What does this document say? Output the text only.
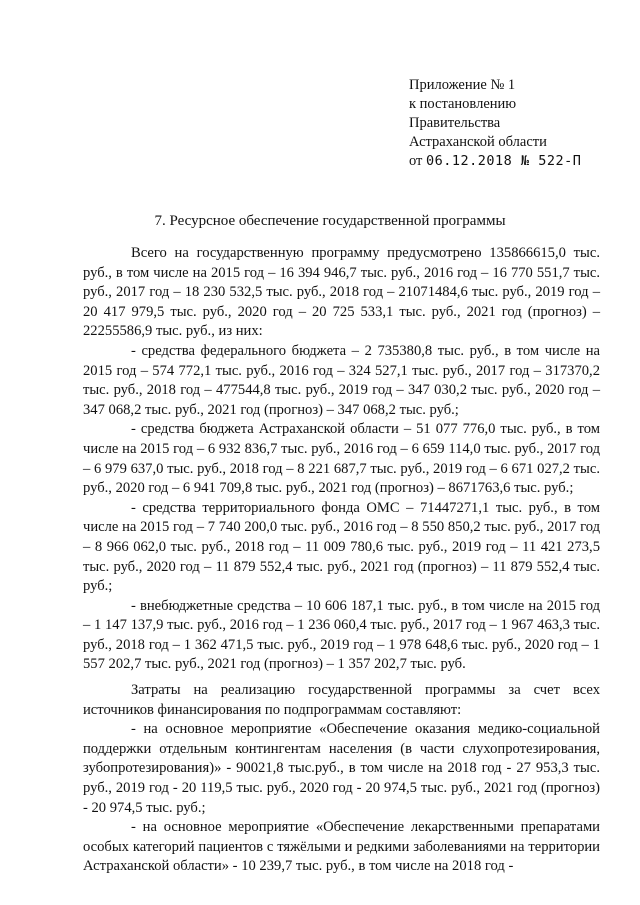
Приложение № 1
к постановлению
Правительства
Астраханской области
от 06.12.2018 № 522-П
7. Ресурсное обеспечение государственной программы

Всего на государственную программу предусмотрено 135866615,0 тыс. руб., в том числе на 2015 год – 16 394 946,7 тыс. руб., 2016 год – 16 770 551,7 тыс. руб., 2017 год – 18 230 532,5 тыс. руб., 2018 год – 21071484,6 тыс. руб., 2019 год – 20 417 979,5 тыс. руб., 2020 год – 20 725 533,1 тыс. руб., 2021 год (прогноз) – 22255586,9 тыс. руб., из них:

- средства федерального бюджета – 2 735380,8 тыс. руб., в том числе на 2015 год – 574 772,1 тыс. руб., 2016 год – 324 527,1 тыс. руб., 2017 год – 317370,2 тыс. руб., 2018 год – 477544,8 тыс. руб., 2019 год – 347 030,2 тыс. руб., 2020 год – 347 068,2 тыс. руб., 2021 год (прогноз) – 347 068,2 тыс. руб.;

- средства бюджета Астраханской области – 51 077 776,0 тыс. руб., в том числе на 2015 год – 6 932 836,7 тыс. руб., 2016 год – 6 659 114,0 тыс. руб., 2017 год – 6 979 637,0 тыс. руб., 2018 год – 8 221 687,7 тыс. руб., 2019 год – 6 671 027,2 тыс. руб., 2020 год – 6 941 709,8 тыс. руб., 2021 год (прогноз) – 8671763,6 тыс. руб.;

- средства территориального фонда ОМС – 71447271,1 тыс. руб., в том числе на 2015 год – 7 740 200,0 тыс. руб., 2016 год – 8 550 850,2 тыс. руб., 2017 год – 8 966 062,0 тыс. руб., 2018 год – 11 009 780,6 тыс. руб., 2019 год – 11 421 273,5 тыс. руб., 2020 год – 11 879 552,4 тыс. руб., 2021 год (прогноз) – 11 879 552,4 тыс. руб.;

- внебюджетные средства – 10 606 187,1 тыс. руб., в том числе на 2015 год – 1 147 137,9 тыс. руб., 2016 год – 1 236 060,4 тыс. руб., 2017 год – 1 967 463,3 тыс. руб., 2018 год – 1 362 471,5 тыс. руб., 2019 год – 1 978 648,6 тыс. руб., 2020 год – 1 557 202,7 тыс. руб., 2021 год (прогноз) – 1 357 202,7 тыс. руб.

Затраты на реализацию государственной программы за счет всех источников финансирования по подпрограммам составляют:

- на основное мероприятие «Обеспечение оказания медико-социальной поддержки отдельным контингентам населения (в части слухопротезирования, зубопротезирования)» - 90021,8 тыс.руб., в том числе на 2018 год - 27 953,3 тыс. руб., 2019 год - 20 119,5 тыс. руб., 2020 год - 20 974,5 тыс. руб., 2021 год (прогноз) - 20 974,5 тыс. руб.;

- на основное мероприятие «Обеспечение лекарственными препаратами особых категорий пациентов с тяжёлыми и редкими заболеваниями на территории Астраханской области» - 10 239,7 тыс. руб., в том числе на 2018 год -
